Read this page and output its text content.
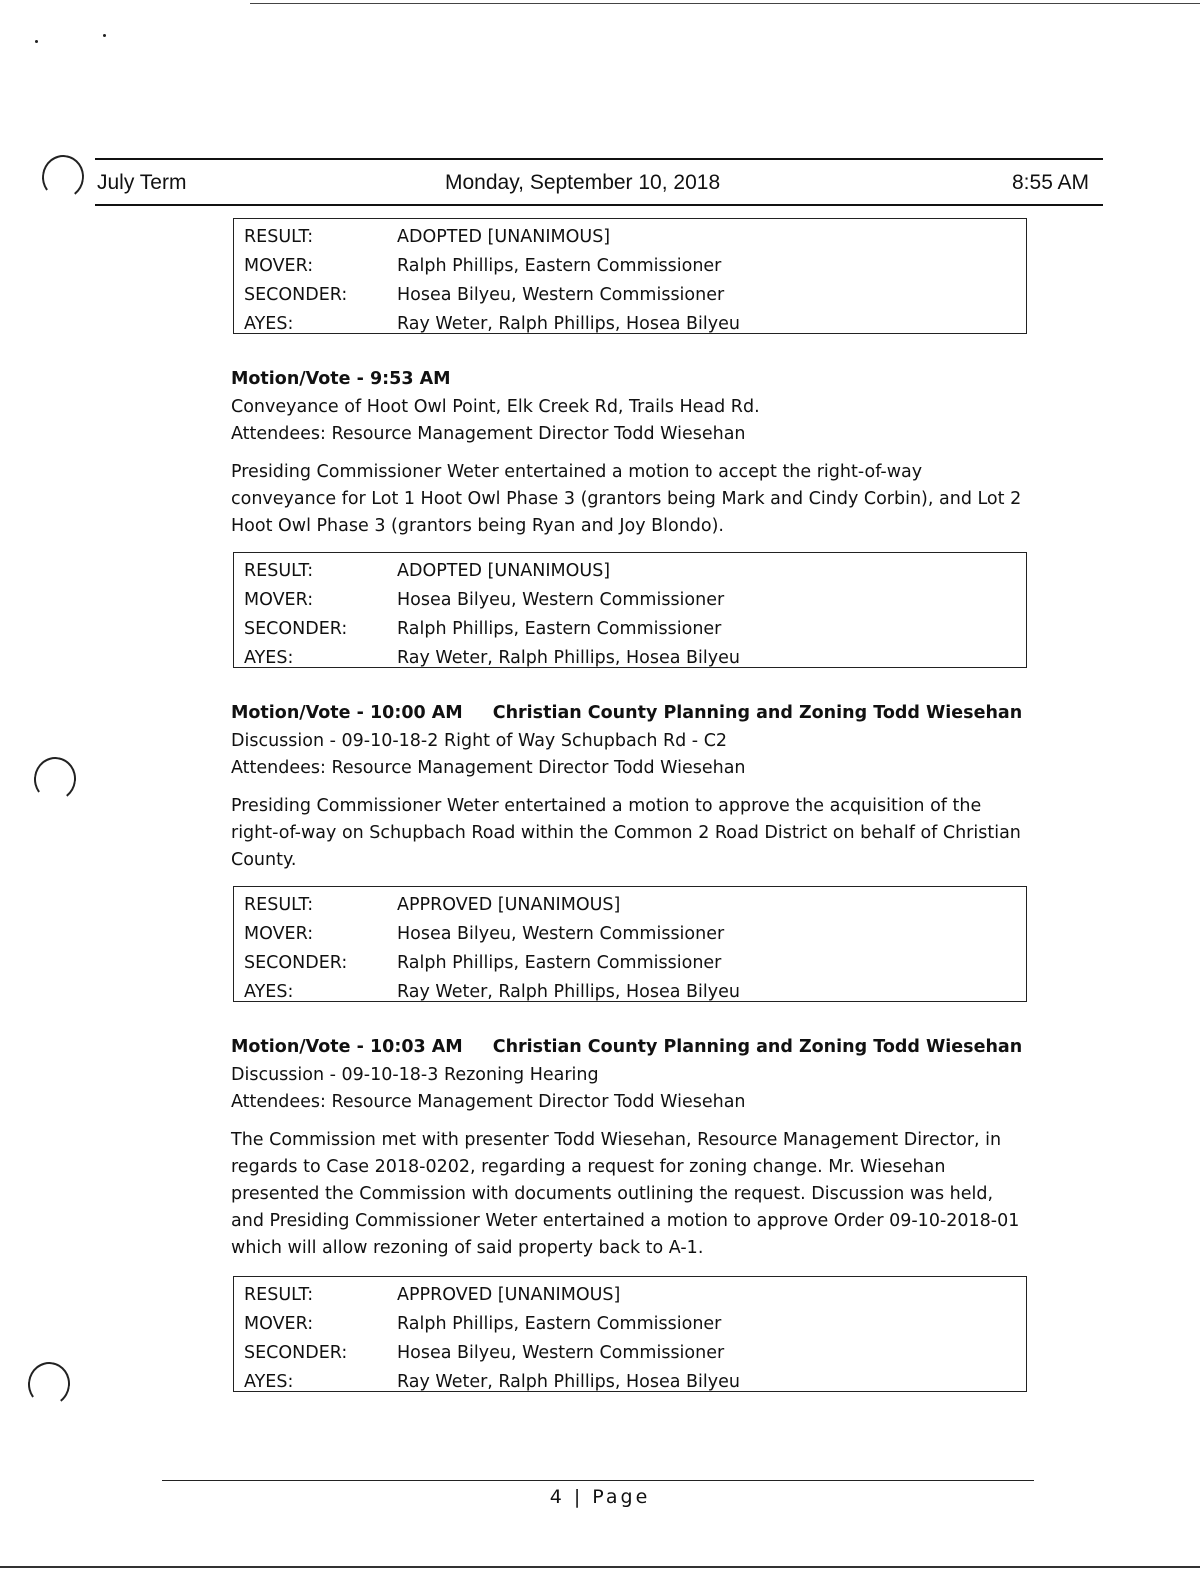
July Term	Monday, September 10, 2018	8:55 AM
RESULT:	ADOPTED [UNANIMOUS]
MOVER:	Ralph Phillips, Eastern Commissioner
SECONDER:	Hosea Bilyeu, Western Commissioner
AYES:	Ray Weter, Ralph Phillips, Hosea Bilyeu
Motion/Vote - 9:53 AM
Conveyance of Hoot Owl Point, Elk Creek Rd, Trails Head Rd.
Attendees: Resource Management Director Todd Wiesehan
Presiding Commissioner Weter entertained a motion to accept the right-of-way conveyance for Lot 1 Hoot Owl Phase 3 (grantors being Mark and Cindy Corbin), and Lot 2 Hoot Owl Phase 3 (grantors being Ryan and Joy Blondo).
RESULT:	ADOPTED [UNANIMOUS]
MOVER:	Hosea Bilyeu, Western Commissioner
SECONDER:	Ralph Phillips, Eastern Commissioner
AYES:	Ray Weter, Ralph Phillips, Hosea Bilyeu
Motion/Vote - 10:00 AM Christian County Planning and Zoning Todd Wiesehan
Discussion - 09-10-18-2 Right of Way Schupbach Rd - C2
Attendees: Resource Management Director Todd Wiesehan
Presiding Commissioner Weter entertained a motion to approve the acquisition of the right-of-way on Schupbach Road within the Common 2 Road District on behalf of Christian County.
RESULT:	APPROVED [UNANIMOUS]
MOVER:	Hosea Bilyeu, Western Commissioner
SECONDER:	Ralph Phillips, Eastern Commissioner
AYES:	Ray Weter, Ralph Phillips, Hosea Bilyeu
Motion/Vote - 10:03 AM Christian County Planning and Zoning Todd Wiesehan
Discussion - 09-10-18-3 Rezoning Hearing
Attendees: Resource Management Director Todd Wiesehan
The Commission met with presenter Todd Wiesehan, Resource Management Director, in regards to Case 2018-0202, regarding a request for zoning change. Mr. Wiesehan presented the Commission with documents outlining the request. Discussion was held, and Presiding Commissioner Weter entertained a motion to approve Order 09-10-2018-01 which will allow rezoning of said property back to A-1.
RESULT:	APPROVED [UNANIMOUS]
MOVER:	Ralph Phillips, Eastern Commissioner
SECONDER:	Hosea Bilyeu, Western Commissioner
AYES:	Ray Weter, Ralph Phillips, Hosea Bilyeu
4 | Page
